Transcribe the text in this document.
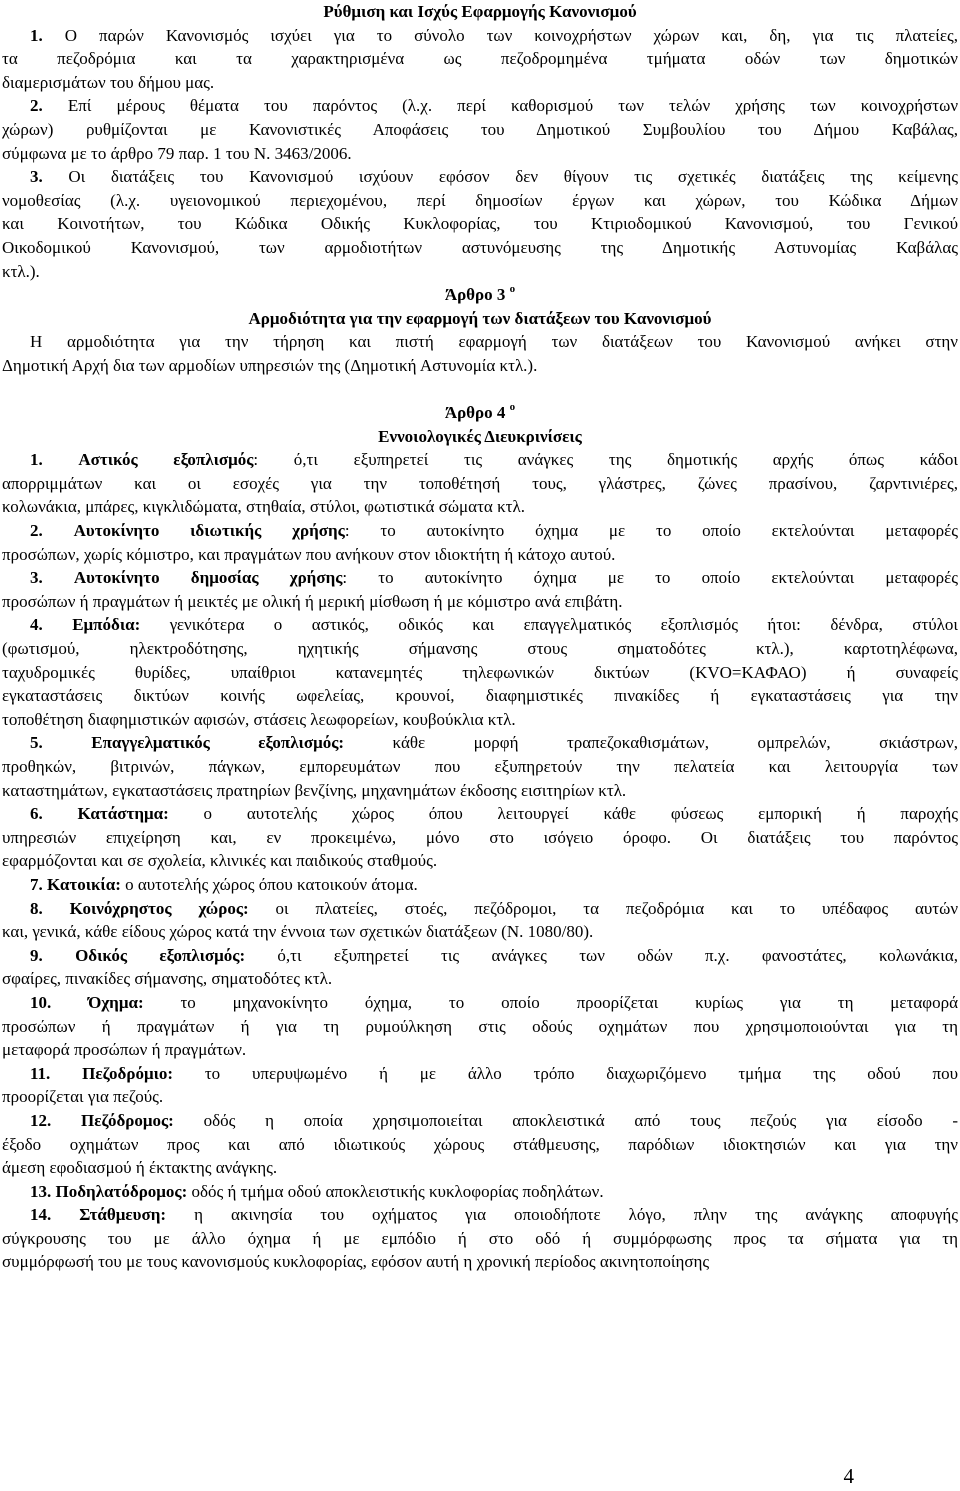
Ρύθμιση και Ισχύς Εφαρμογής Κανονισμού
1. Ο παρών Κανονισμός ισχύει για το σύνολο των κοινοχρήστων χώρων και, δη, για τις πλατείες,
τα πεζοδρόμια και τα χαρακτηρισμένα ως πεζοδρομημένα τμήματα οδών των δημοτικών
διαμερισμάτων του δήμου μας.
2. Επί μέρους θέματα του παρόντος (λ.χ. περί καθορισμού των τελών χρήσης των κοινοχρήστων
χώρων) ρυθμίζονται με Κανονιστικές Αποφάσεις του Δημοτικού Συμβουλίου του Δήμου Καβάλας,
σύμφωνα με το άρθρο 79 παρ. 1 του Ν. 3463/2006.
3. Οι διατάξεις του Κανονισμού ισχύουν εφόσον δεν θίγουν τις σχετικές διατάξεις της κείμενης
νομοθεσίας (λ.χ. υγειονομικού περιεχομένου, περί δημοσίων έργων και χώρων, του Κώδικα Δήμων
και Κοινοτήτων, του Κώδικα Οδικής Κυκλοφορίας, του Κτιριοδομικού Κανονισμού, του Γενικού
Οικοδομικού Κανονισμού, των αρμοδιοτήτων αστυνόμευσης της Δημοτικής Αστυνομίας Καβάλας
κτλ.).
Άρθρο 3 $^o$
Αρμοδιότητα για την εφαρμογή των διατάξεων του Κανονισμού
Η αρμοδιότητα για την τήρηση και πιστή εφαρμογή των διατάξεων του Κανονισμού ανήκει στην
Δημοτική Αρχή δια των αρμοδίων υπηρεσιών της (Δημοτική Αστυνομία κτλ.).
Άρθρο 4 $^o$
Εννοιολογικές Διευκρινίσεις
1. Αστικός εξοπλισμός: ό,τι εξυπηρετεί τις ανάγκες της δημοτικής αρχής όπως κάδοι
απορριμμάτων και οι εσοχές για την τοποθέτησή τους, γλάστρες, ζώνες πρασίνου, ζαρντινιέρες,
κολωνάκια, μπάρες, κιγκλιδώματα, στηθαία, στύλοι, φωτιστικά σώματα κτλ.
2. Αυτοκίνητο ιδιωτικής χρήσης: το αυτοκίνητο όχημα με το οποίο εκτελούνται μεταφορές
προσώπων, χωρίς κόμιστρο, και πραγμάτων που ανήκουν στον ιδιοκτήτη ή κάτοχο αυτού.
3. Αυτοκίνητο δημοσίας χρήσης: το αυτοκίνητο όχημα με το οποίο εκτελούνται μεταφορές
προσώπων ή πραγμάτων ή μεικτές με ολική ή μερική μίσθωση ή με κόμιστρο ανά επιβάτη.
4. Εμπόδια: γενικότερα ο αστικός, οδικός και επαγγελματικός εξοπλισμός ήτοι: δένδρα, στύλοι
(φωτισμού, ηλεκτροδότησης, ηχητικής σήμανσης στους σηματοδότες κτλ.), καρτοτηλέφωνα,
ταχυδρομικές θυρίδες, υπαίθριοι κατανεμητές τηλεφωνικών δικτύων (ΚVΟ=ΚΑΦΑΟ) ή συναφείς
εγκαταστάσεις δικτύων κοινής ωφελείας, κρουνοί, διαφημιστικές πινακίδες ή εγκαταστάσεις για την
τοποθέτηση διαφημιστικών αφισών, στάσεις λεωφορείων, κουβούκλια κτλ.
5.	Επαγγελματικός εξοπλισμός: κάθε μορφή τραπεζοκαθισμάτων, ομπρελών, σκιάστρων,
προθηκών, βιτρινών, πάγκων, εμπορευμάτων που εξυπηρετούν την πελατεία και λειτουργία των
καταστημάτων, εγκαταστάσεις πρατηρίων βενζίνης, μηχανημάτων έκδοσης εισιτηρίων κτλ.
6. Κατάστημα: ο αυτοτελής χώρος όπου λειτουργεί κάθε φύσεως εμπορική ή παροχής
υπηρεσιών επιχείρηση και, εν προκειμένω, μόνο στο ισόγειο όροφο. Οι διατάξεις του παρόντος
εφαρμόζονται και σε σχολεία, κλινικές και παιδικούς σταθμούς.
7. Κατοικία: ο αυτοτελής χώρος όπου κατοικούν άτομα.
8. Κοινόχρηστος χώρος: οι πλατείες, στοές, πεζόδρομοι, τα πεζοδρόμια και το υπέδαφος αυτών
και, γενικά, κάθε είδους χώρος κατά την έννοια των σχετικών διατάξεων (Ν. 1080/80).
9. Οδικός εξοπλισμός: ό,τι εξυπηρετεί τις ανάγκες των οδών π.χ. φανοστάτες, κολωνάκια,
σφαίρες, πινακίδες σήμανσης, σηματοδότες κτλ.
10. Όχημα: το μηχανοκίνητο όχημα, το οποίο προορίζεται κυρίως για τη μεταφορά
προσώπων ή πραγμάτων ή για τη ρυμούλκηση στις οδούς οχημάτων που χρησιμοποιούνται για τη
μεταφορά προσώπων ή πραγμάτων.
11. Πεζοδρόμιο: το υπερυψωμένο ή με άλλο τρόπο διαχωριζόμενο τμήμα της οδού που
προορίζεται για πεζούς.
12. Πεζόδρομος: οδός η οποία χρησιμοποιείται αποκλειστικά από τους πεζούς για είσοδο -
έξοδο οχημάτων προς και από ιδιωτικούς χώρους στάθμευσης, παρόδιων ιδιοκτησιών και για την
άμεση εφοδιασμού ή έκτακτης ανάγκης.
13. Ποδηλατόδρομος: οδός ή τμήμα οδού αποκλειστικής κυκλοφορίας ποδηλάτων.
14. Στάθμευση: η ακινησία του οχήματος για οποιοδήποτε λόγο, πλην της ανάγκης αποφυγής
σύγκρουσης του με άλλο όχημα ή με εμπόδιο ή στο οδό ή συμμόρφωσης προς τα σήματα για τη
συμμόρφωσή του με τους κανονισμούς κυκλοφορίας, εφόσον αυτή η χρονική περίοδος ακινητοποίησης
4
